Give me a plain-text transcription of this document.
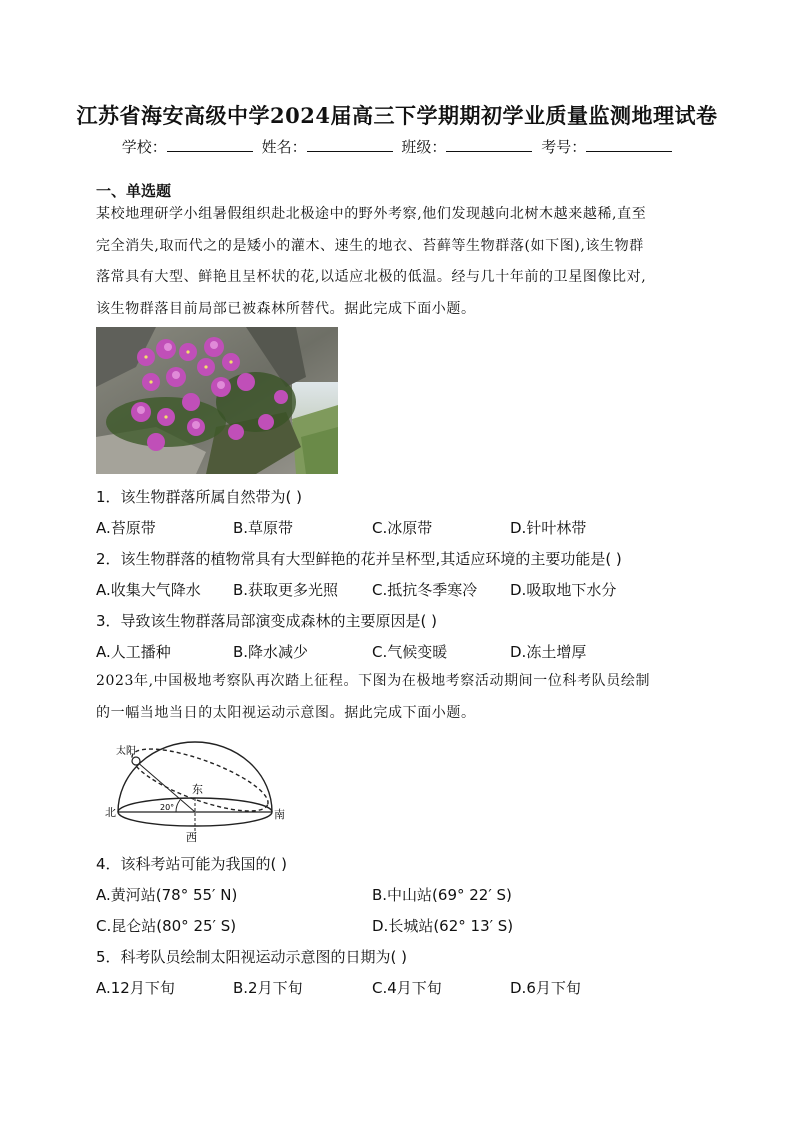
江苏省海安高级中学2024届高三下学期期初学业质量监测地理试卷
学校：	姓名：	班级：	考号：
一、单选题
某校地理研学小组暑假组织赴北极途中的野外考察,他们发现越向北树木越来越稀,直至
完全消失,取而代之的是矮小的灌木、速生的地衣、苔藓等生物群落(如下图),该生物群
落常具有大型、鲜艳且呈杯状的花,以适应北极的低温。经与几十年前的卫星图像比对,
该生物群落目前局部已被森林所替代。据此完成下面小题。
1．该生物群落所属自然带为( )
A.苔原带	B.草原带	C.冰原带	D.针叶林带
2．该生物群落的植物常具有大型鲜艳的花并呈杯型,其适应环境的主要功能是( )
A.收集大气降水 B.获取更多光照 C.抵抗冬季寒冷 D.吸取地下水分
3．导致该生物群落局部演变成森林的主要原因是( )
A.人工播种	B.降水减少	C.气候变暖	D.冻土增厚
2023年,中国极地考察队再次踏上征程。下图为在极地考察活动期间一位科考队员绘制
的一幅当地当日的太阳视运动示意图。据此完成下面小题。
太阳
东
北	南
西
20°
4．该科考站可能为我国的( )
A.黄河站(78° 55′ N)	B.中山站(69° 22′ S)
C.昆仑站(80° 25′ S)	D.长城站(62° 13′ S)
5．科考队员绘制太阳视运动示意图的日期为( )
A.12月下旬	B.2月下旬	C.4月下旬	D.6月下旬
